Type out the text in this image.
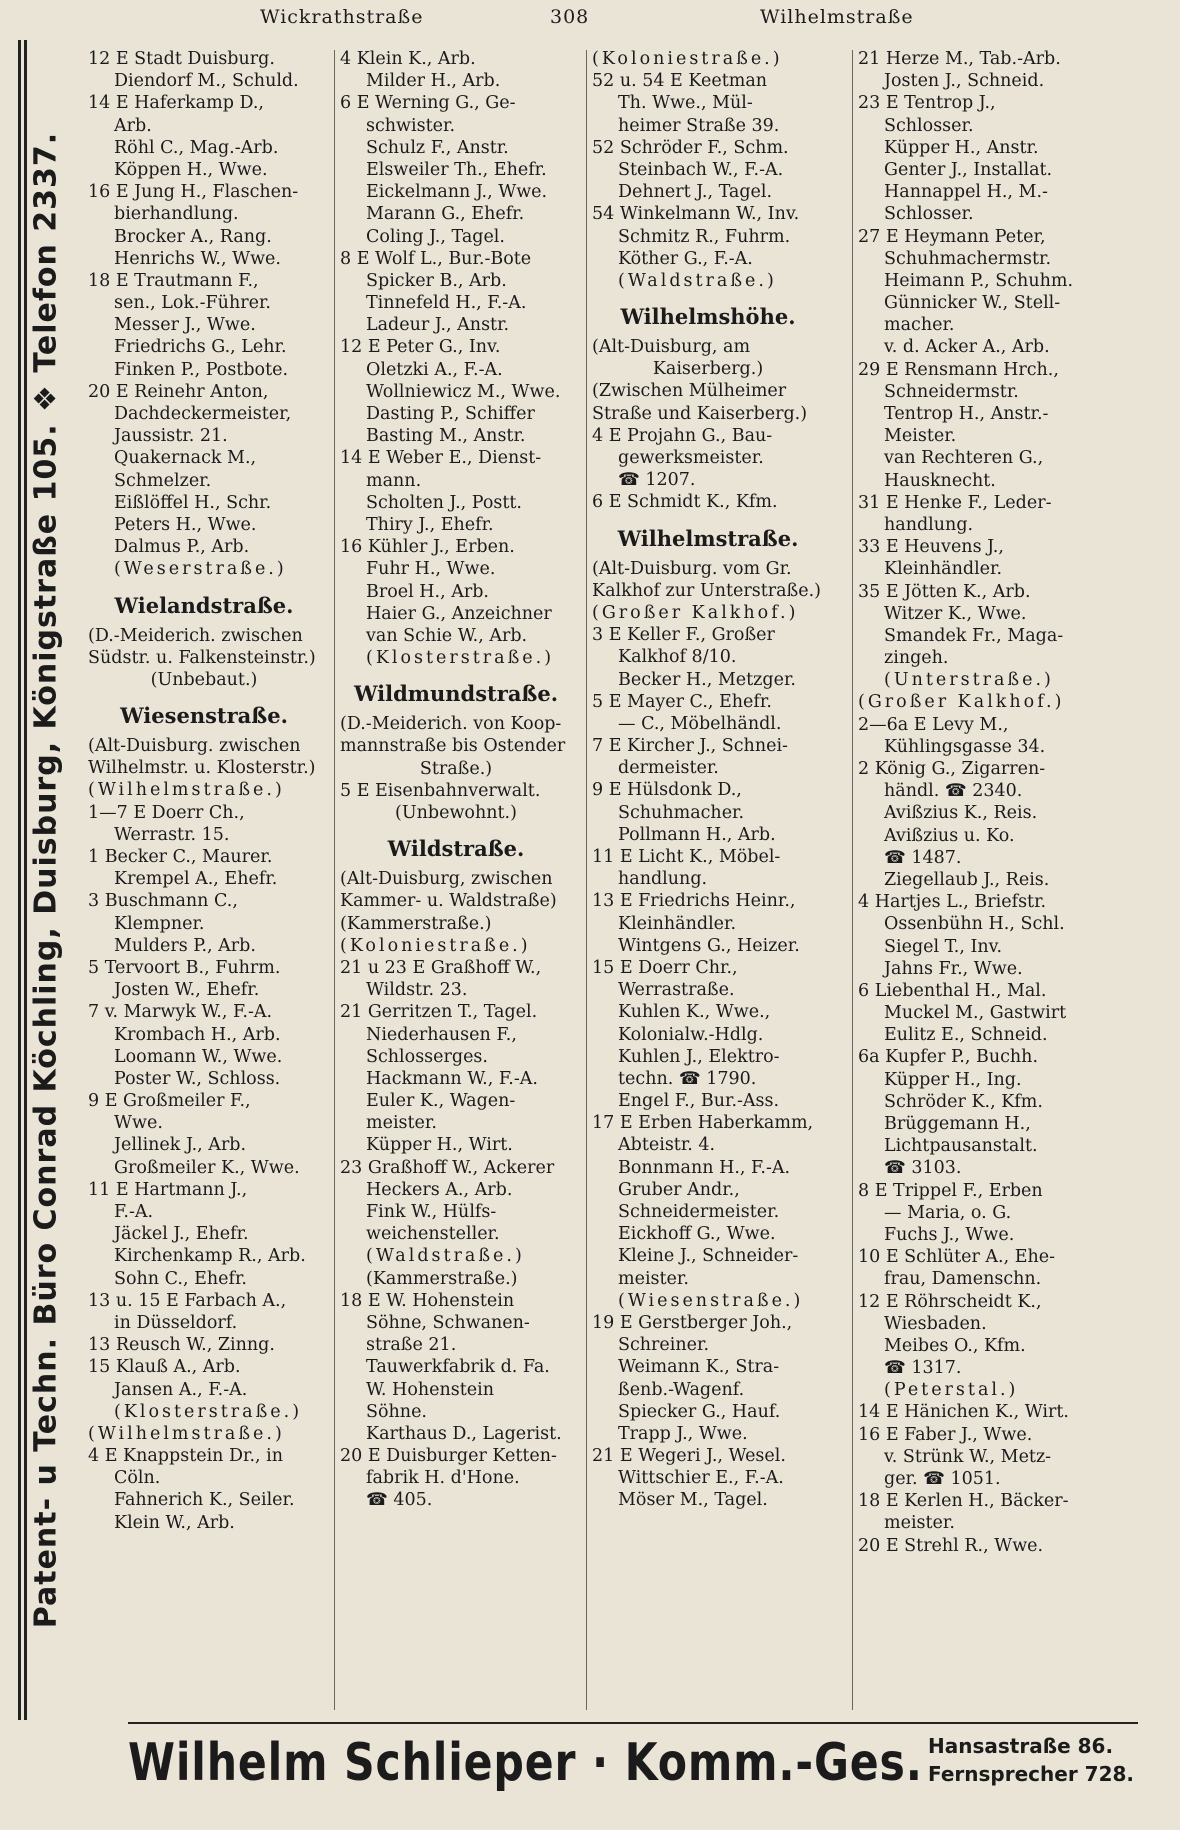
Wickrathstraße	308	Wilhelmstraße
Patent- u Techn. Büro Conrad Köchling, Duisburg, Königstraße 105. ❖ Telefon 2337.
12 E Stadt Duisburg.
Diendorf M., Schuld.
14 E Haferkamp D.,
Arb.
Röhl C., Mag.-Arb.
Köppen H., Wwe.
16 E Jung H., Flaschen-
bierhandlung.
Brocker A., Rang.
Henrichs W., Wwe.
18 E Trautmann F.,
sen., Lok.-Führer.
Messer J., Wwe.
Friedrichs G., Lehr.
Finken P., Postbote.
20 E Reinehr Anton,
Dachdeckermeister,
Jaussistr. 21.
Quakernack M.,
Schmelzer.
Eißlöffel H., Schr.
Peters H., Wwe.
Dalmus P., Arb.
(Weserstraße.)
Wielandstraße.
(D.-Meiderich. zwischen
Südstr. u. Falkensteinstr.)
(Unbebaut.)
Wiesenstraße.
(Alt-Duisburg. zwischen
Wilhelmstr. u. Klosterstr.)
(Wilhelmstraße.)
1—7 E Doerr Ch.,
Werrastr. 15.
1 Becker C., Maurer.
Krempel A., Ehefr.
3 Buschmann C.,
Klempner.
Mulders P., Arb.
5 Tervoort B., Fuhrm.
Josten W., Ehefr.
7 v. Marwyk W., F.-A.
Krombach H., Arb.
Loomann W., Wwe.
Poster W., Schloss.
9 E Großmeiler F.,
Wwe.
Jellinek J., Arb.
Großmeiler K., Wwe.
11 E Hartmann J.,
F.-A.
Jäckel J., Ehefr.
Kirchenkamp R., Arb.
Sohn C., Ehefr.
13 u. 15 E Farbach A.,
in Düsseldorf.
13 Reusch W., Zinng.
15 Klauß A., Arb.
Jansen A., F.-A.
(Klosterstraße.)
(Wilhelmstraße.)
4 E Knappstein Dr., in
Cöln.
Fahnerich K., Seiler.
Klein W., Arb.
4 Klein K., Arb.
Milder H., Arb.
6 E Werning G., Ge-
schwister.
Schulz F., Anstr.
Elsweiler Th., Ehefr.
Eickelmann J., Wwe.
Marann G., Ehefr.
Coling J., Tagel.
8 E Wolf L., Bur.-Bote
Spicker B., Arb.
Tinnefeld H., F.-A.
Ladeur J., Anstr.
12 E Peter G., Inv.
Oletzki A., F.-A.
Wollniewicz M., Wwe.
Dasting P., Schiffer
Basting M., Anstr.
14 E Weber E., Dienst-
mann.
Scholten J., Postt.
Thiry J., Ehefr.
16 Kühler J., Erben.
Fuhr H., Wwe.
Broel H., Arb.
Haier G., Anzeichner
van Schie W., Arb.
(Klosterstraße.)
Wildmundstraße.
(D.-Meiderich. von Koop-
mannstraße bis Ostender
Straße.)
5 E Eisenbahnverwalt.
(Unbewohnt.)
Wildstraße.
(Alt-Duisburg, zwischen
Kammer- u. Waldstraße)
(Kammerstraße.)
(Koloniestraße.)
21 u 23 E Graßhoff W.,
Wildstr. 23.
21 Gerritzen T., Tagel.
Niederhausen F.,
Schlosserges.
Hackmann W., F.-A.
Euler K., Wagen-
meister.
Küpper H., Wirt.
23 Graßhoff W., Ackerer
Heckers A., Arb.
Fink W., Hülfs-
weichensteller.
(Waldstraße.)
(Kammerstraße.)
18 E W. Hohenstein
Söhne, Schwanen-
straße 21.
Tauwerkfabrik d. Fa.
W. Hohenstein
Söhne.
Karthaus D., Lagerist.
20 E Duisburger Ketten-
fabrik H. d'Hone.
☎ 405.
(Koloniestraße.)
52 u. 54 E Keetman
Th. Wwe., Mül-
heimer Straße 39.
52 Schröder F., Schm.
Steinbach W., F.-A.
Dehnert J., Tagel.
54 Winkelmann W., Inv.
Schmitz R., Fuhrm.
Köther G., F.-A.
(Waldstraße.)
Wilhelmshöhe.
(Alt-Duisburg, am
Kaiserberg.)
(Zwischen Mülheimer
Straße und Kaiserberg.)
4 E Projahn G., Bau-
gewerksmeister.
☎ 1207.
6 E Schmidt K., Kfm.
Wilhelmstraße.
(Alt-Duisburg. vom Gr.
Kalkhof zur Unterstraße.)
(Großer Kalkhof.)
3 E Keller F., Großer
Kalkhof 8/10.
Becker H., Metzger.
5 E Mayer C., Ehefr.
— C., Möbelhändl.
7 E Kircher J., Schnei-
dermeister.
9 E Hülsdonk D.,
Schuhmacher.
Pollmann H., Arb.
11 E Licht K., Möbel-
handlung.
13 E Friedrichs Heinr.,
Kleinhändler.
Wintgens G., Heizer.
15 E Doerr Chr.,
Werrastraße.
Kuhlen K., Wwe.,
Kolonialw.-Hdlg.
Kuhlen J., Elektro-
techn. ☎ 1790.
Engel F., Bur.-Ass.
17 E Erben Haberkamm,
Abteistr. 4.
Bonnmann H., F.-A.
Gruber Andr.,
Schneidermeister.
Eickhoff G., Wwe.
Kleine J., Schneider-
meister.
(Wiesenstraße.)
19 E Gerstberger Joh.,
Schreiner.
Weimann K., Stra-
ßenb.-Wagenf.
Spiecker G., Hauf.
Trapp J., Wwe.
21 E Wegeri J., Wesel.
Wittschier E., F.-A.
Möser M., Tagel.
21 Herze M., Tab.-Arb.
Josten J., Schneid.
23 E Tentrop J.,
Schlosser.
Küpper H., Anstr.
Genter J., Installat.
Hannappel H., M.-
Schlosser.
27 E Heymann Peter,
Schuhmachermstr.
Heimann P., Schuhm.
Günnicker W., Stell-
macher.
v. d. Acker A., Arb.
29 E Rensmann Hrch.,
Schneidermstr.
Tentrop H., Anstr.-
Meister.
van Rechteren G.,
Hausknecht.
31 E Henke F., Leder-
handlung.
33 E Heuvens J.,
Kleinhändler.
35 E Jötten K., Arb.
Witzer K., Wwe.
Smandek Fr., Maga-
zingeh.
(Unterstraße.)
(Großer Kalkhof.)
2—6a E Levy M.,
Kühlingsgasse 34.
2 König G., Zigarren-
händl. ☎ 2340.
Avißzius K., Reis.
Avißzius u. Ko.
☎ 1487.
Ziegellaub J., Reis.
4 Hartjes L., Briefstr.
Ossenbühn H., Schl.
Siegel T., Inv.
Jahns Fr., Wwe.
6 Liebenthal H., Mal.
Muckel M., Gastwirt
Eulitz E., Schneid.
6a Kupfer P., Buchh.
Küpper H., Ing.
Schröder K., Kfm.
Brüggemann H.,
Lichtpausanstalt.
☎ 3103.
8 E Trippel F., Erben
— Maria, o. G.
Fuchs J., Wwe.
10 E Schlüter A., Ehe-
frau, Damenschn.
12 E Röhrscheidt K.,
Wiesbaden.
Meibes O., Kfm.
☎ 1317.
(Peterstal.)
14 E Hänichen K., Wirt.
16 E Faber J., Wwe.
v. Strünk W., Metz-
ger. ☎ 1051.
18 E Kerlen H., Bäcker-
meister.
20 E Strehl R., Wwe.
Wilhelm Schlieper · Komm.-Ges. Hansastraße 86.
Fernsprecher 728.
